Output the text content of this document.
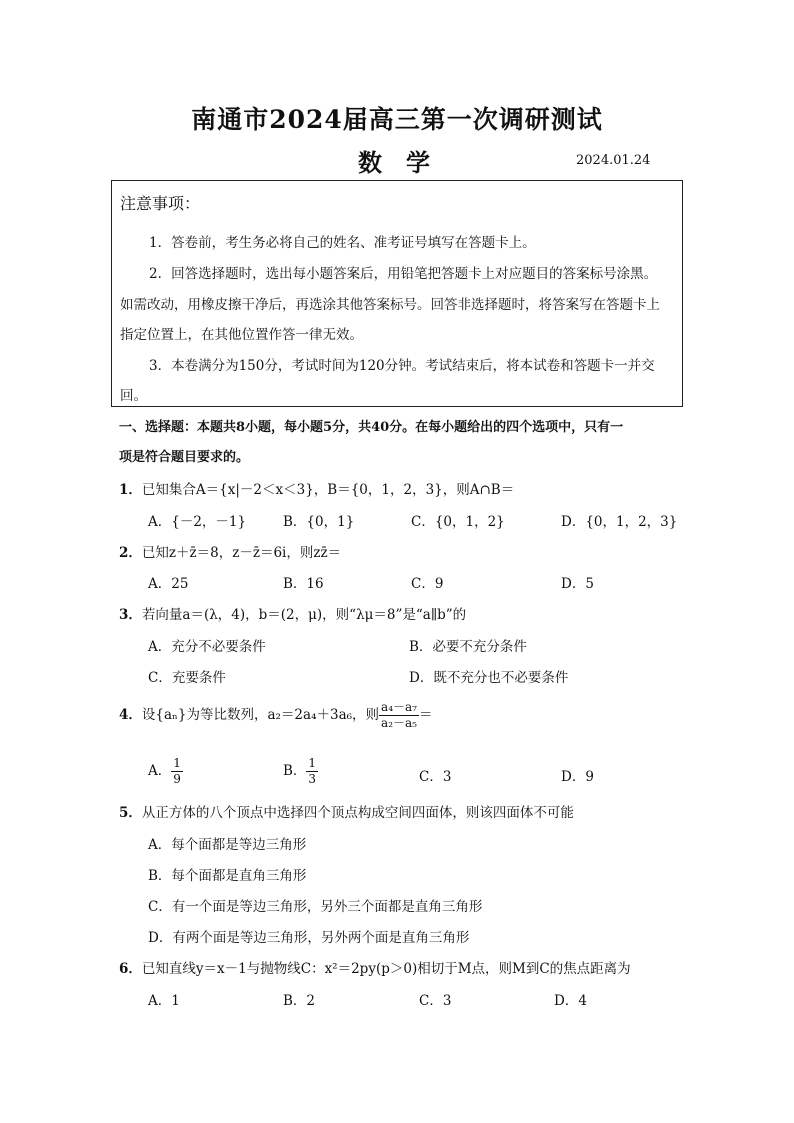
南通市2024届高三第一次调研测试
数学	2024.01.24
注意事项：
1．答卷前，考生务必将自己的姓名、准考证号填写在答题卡上。
2．回答选择题时，选出每小题答案后，用铅笔把答题卡上对应题目的答案标号涂黑。
如需改动，用橡皮擦干净后，再选涂其他答案标号。回答非选择题时，将答案写在答题卡上
指定位置上，在其他位置作答一律无效。
3．本卷满分为150分，考试时间为120分钟。考试结束后，将本试卷和答题卡一并交
回。
一、选择题：本题共8小题，每小题5分，共40分。在每小题给出的四个选项中，只有一
项是符合题目要求的。
1．已知集合A＝{x|－2＜x＜3}，B＝{0，1，2，3}，则A∩B＝
A．{－2，－1}	B．{0，1}	C．{0，1，2}	D．{0，1，2，3}
2．已知z＋z̄＝8，z－z̄＝6i，则zz̄＝
A．25	B．16	C．9	D．5
3．若向量a＝(λ，4)，b＝(2，μ)，则“λμ＝8”是“a∥b”的
A．充分不必要条件	B．必要不充分条件
C．充要条件	D．既不充分也不必要条件
4．设{aₙ}为等比数列，a₂＝2a₄＋3a₆，则 $\frac{\text{a₄－a₇}}{\text{a₂－a₅}}$ ＝
A． $\frac{1}{9}$	B． $\frac{1}{3}$	C．3	D．9
5．从正方体的八个顶点中选择四个顶点构成空间四面体，则该四面体不可能
A．每个面都是等边三角形
B．每个面都是直角三角形
C．有一个面是等边三角形，另外三个面都是直角三角形
D．有两个面是等边三角形，另外两个面是直角三角形
6．已知直线y＝x－1与抛物线C：x²＝2py(p＞0)相切于M点，则M到C的焦点距离为
A．1	B．2	C．3	D．4
